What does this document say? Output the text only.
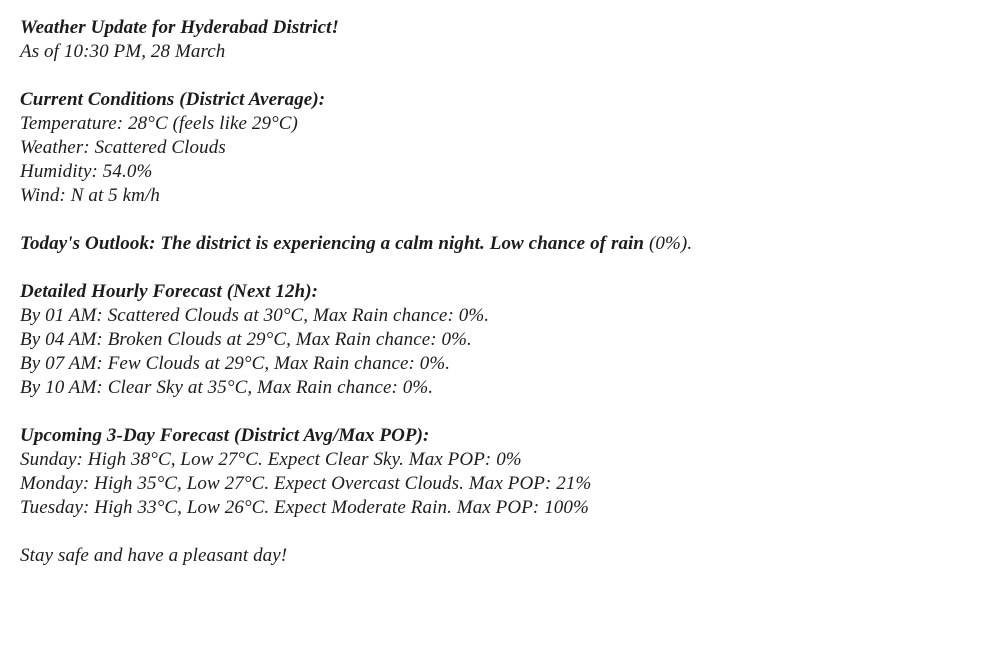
Weather Update for Hyderabad District!
As of 10:30 PM, 28 March
Current Conditions (District Average):
Temperature: 28°C (feels like 29°C)
Weather: Scattered Clouds
Humidity: 54.0%
Wind: N at 5 km/h
Today's Outlook: The district is experiencing a calm night. Low chance of rain (0%).
Detailed Hourly Forecast (Next 12h):
By 01 AM: Scattered Clouds at 30°C, Max Rain chance: 0%.
By 04 AM: Broken Clouds at 29°C, Max Rain chance: 0%.
By 07 AM: Few Clouds at 29°C, Max Rain chance: 0%.
By 10 AM: Clear Sky at 35°C, Max Rain chance: 0%.
Upcoming 3-Day Forecast (District Avg/Max POP):
Sunday: High 38°C, Low 27°C. Expect Clear Sky. Max POP: 0%
Monday: High 35°C, Low 27°C. Expect Overcast Clouds. Max POP: 21%
Tuesday: High 33°C, Low 26°C. Expect Moderate Rain. Max POP: 100%
Stay safe and have a pleasant day!
